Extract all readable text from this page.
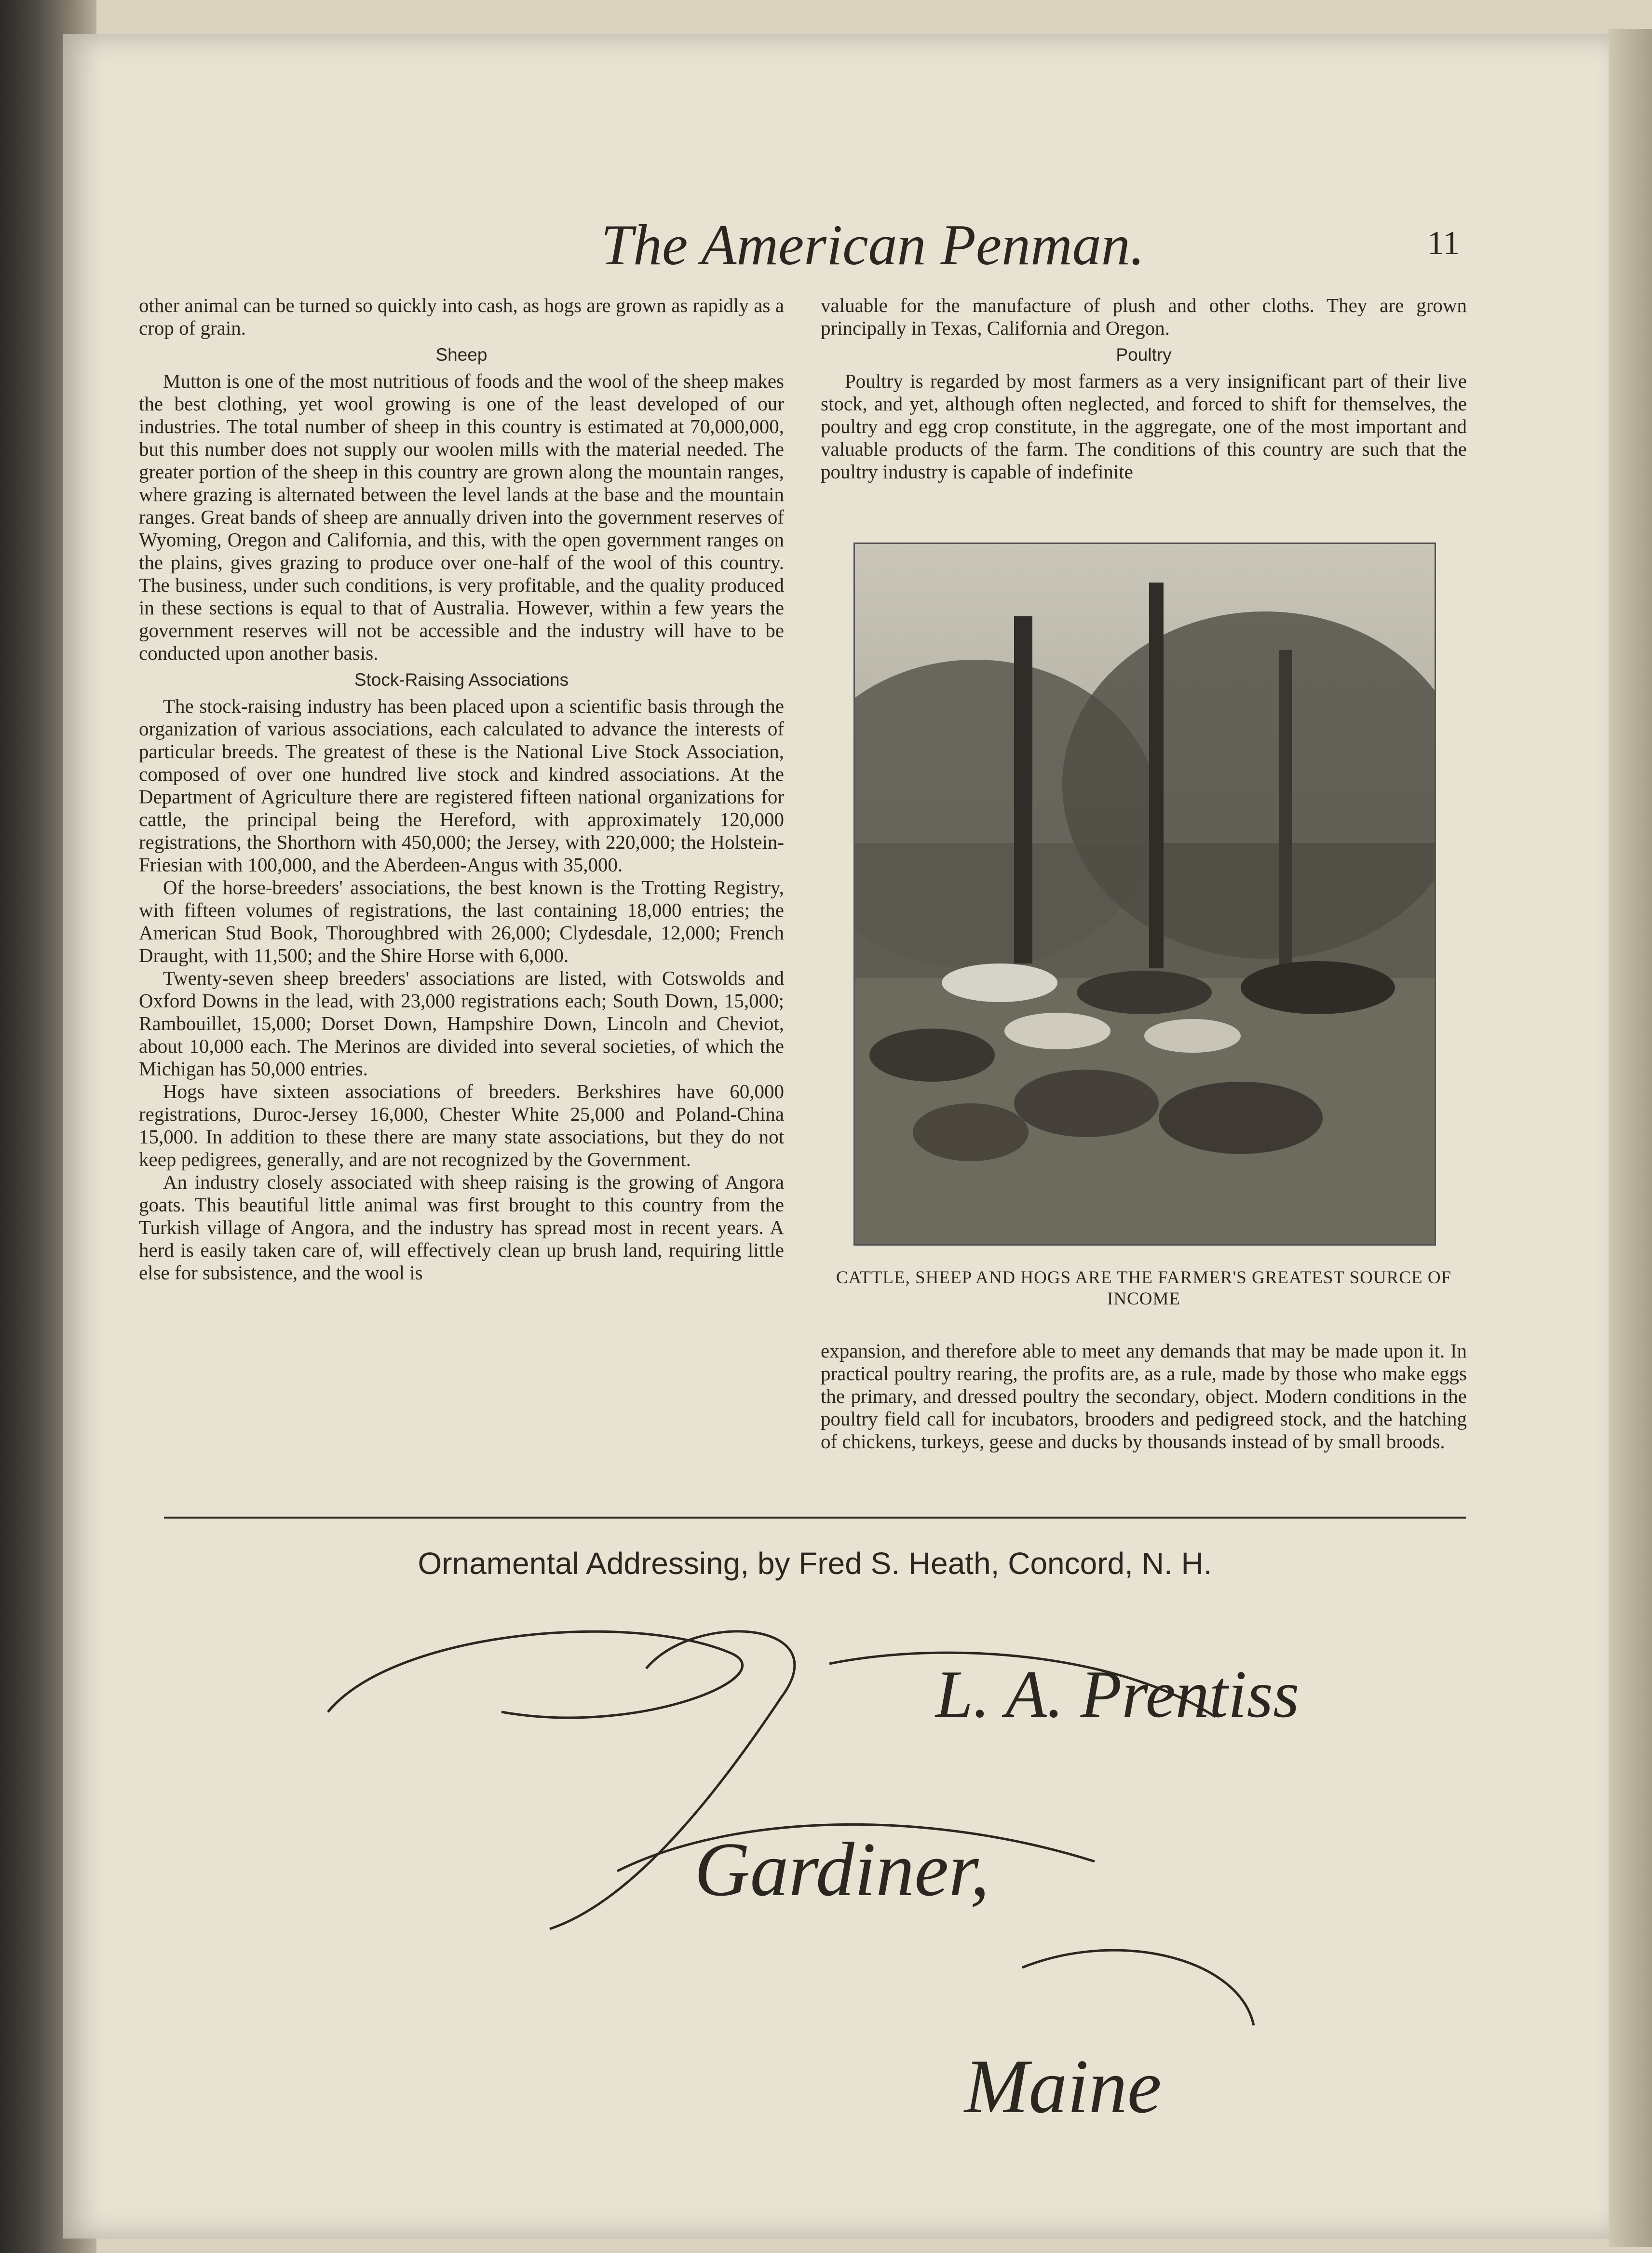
The American Penman.	11

other animal can be turned so quickly into cash, as hogs are grown as rapidly as a crop of grain.

Sheep

Mutton is one of the most nutritious of foods and the wool of the sheep makes the best clothing, yet wool growing is one of the least developed of our industries. The total number of sheep in this country is estimated at 70,000,000, but this number does not supply our woolen mills with the material needed. The greater portion of the sheep in this country are grown along the mountain ranges, where grazing is alternated between the level lands at the base and the mountain ranges. Great bands of sheep are annually driven into the government reserves of Wyoming, Oregon and California, and this, with the open government ranges on the plains, gives grazing to produce over one-half of the wool of this country. The business, under such conditions, is very profitable, and the quality produced in these sections is equal to that of Australia. However, within a few years the government reserves will not be accessible and the industry will have to be conducted upon another basis.

Stock-Raising Associations

The stock-raising industry has been placed upon a scientific basis through the organization of various associations, each calculated to advance the interests of particular breeds. The greatest of these is the National Live Stock Association, composed of over one hundred live stock and kindred associations. At the Department of Agriculture there are registered fifteen national organizations for cattle, the principal being the Hereford, with approximately 120,000 registrations, the Shorthorn with 450,000; the Jersey, with 220,000; the Holstein-Friesian with 100,000, and the Aberdeen-Angus with 35,000.

Of the horse-breeders' associations, the best known is the Trotting Registry, with fifteen volumes of registrations, the last containing 18,000 entries; the American Stud Book, Thoroughbred with 26,000; Clydesdale, 12,000; French Draught, with 11,500; and the Shire Horse with 6,000.

Twenty-seven sheep breeders' associations are listed, with Cotswolds and Oxford Downs in the lead, with 23,000 registrations each; South Down, 15,000; Rambouillet, 15,000; Dorset Down, Hampshire Down, Lincoln and Cheviot, about 10,000 each. The Merinos are divided into several societies, of which the Michigan has 50,000 entries.

Hogs have sixteen associations of breeders. Berkshires have 60,000 registrations, Duroc-Jersey 16,000, Chester White 25,000 and Poland-China 15,000. In addition to these there are many state associations, but they do not keep pedigrees, generally, and are not recognized by the Government.

An industry closely associated with sheep raising is the growing of Angora goats. This beautiful little animal was first brought to this country from the Turkish village of Angora, and the industry has spread most in recent years. A herd is easily taken care of, will effectively clean up brush land, requiring little else for subsistence, and the wool is

valuable for the manufacture of plush and other cloths. They are grown principally in Texas, California and Oregon.

Poultry

Poultry is regarded by most farmers as a very insignificant part of their live stock, and yet, although often neglected, and forced to shift for themselves, the poultry and egg crop constitute, in the aggregate, one of the most important and valuable products of the farm. The conditions of this country are such that the poultry industry is capable of indefinite

CATTLE, SHEEP AND HOGS ARE THE FARMER'S GREATEST SOURCE OF INCOME

expansion, and therefore able to meet any demands that may be made upon it. In practical poultry rearing, the profits are, as a rule, made by those who make eggs the primary, and dressed poultry the secondary, object. Modern conditions in the poultry field call for incubators, brooders and pedigreed stock, and the hatching of chickens, turkeys, geese and ducks by thousands instead of by small broods.

Ornamental Addressing, by Fred S. Heath, Concord, N. H.
L. A. Prentiss
Gardiner,
Maine
